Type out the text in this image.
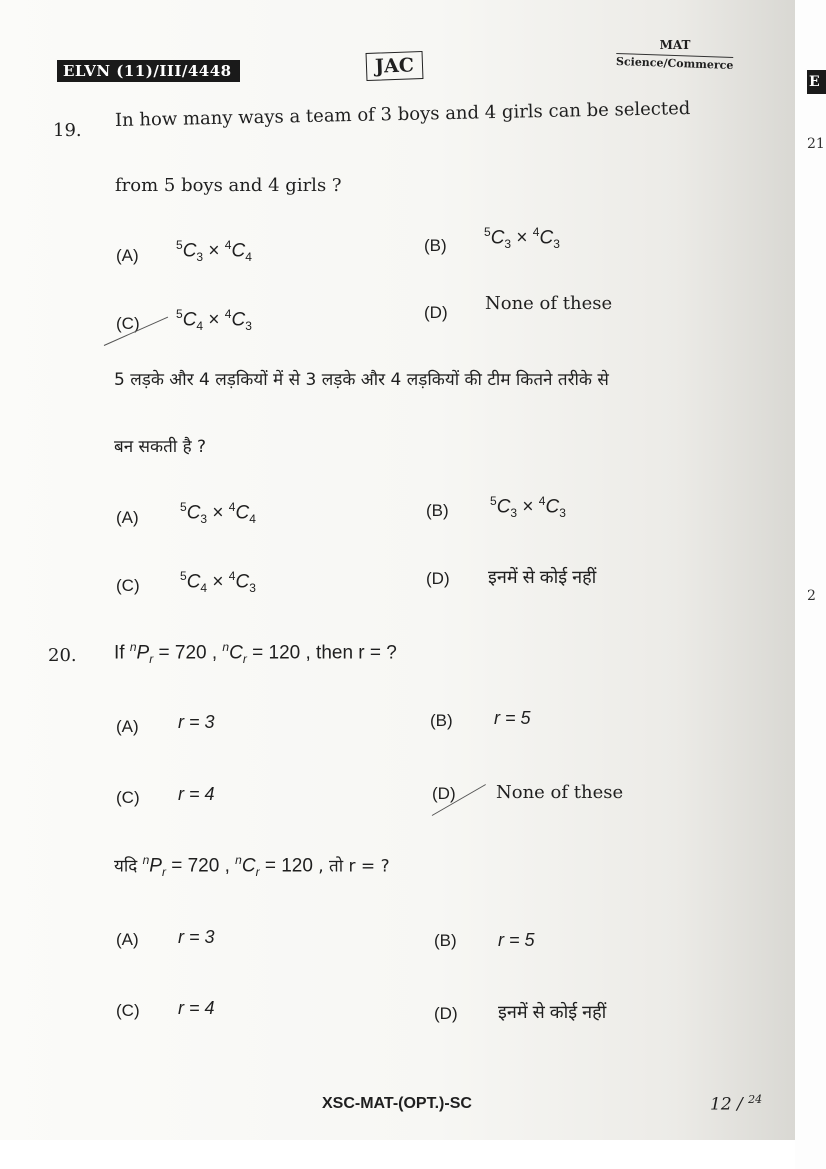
ELVN (11)/III/4448	JAC
MAT
Science/Commerce
19. In how many ways a team of 3 boys and 4 girls can be selected
from 5 boys and 4 girls ?
(A)
$^5C_3 \times ^4C_4$
(B)
$^5C_3 \times ^4C_3$
(C)	$^5C_4 \times ^4C_3$
(D) None of these
5 लड़के और 4 लड़कियों में से 3 लड़के और 4 लड़कियों की टीम कितने तरीके से
बन सकती है ?
(A)
$^5C_3 \times ^4C_4$	(B)	$^5C_3 \times ^4C_3$
(C)	$^5C_4 \times ^4C_3$
(D) इनमें से कोई नहीं
20. If $^nP_r = 720$ , $^nC_r = 120$ , then r = ?
(A) r = 3	(B) r = 5
(C) r = 4	(D) None of these
यदि $^nP_r = 720$ , $^nC_r = 120$ , तो r = ?
(A) r = 3	(B) r = 5
(C) r = 4	(D) इनमें से कोई नहीं
XSC-MAT-(OPT.)-SC	12 / $^{24}$
E
21
2
